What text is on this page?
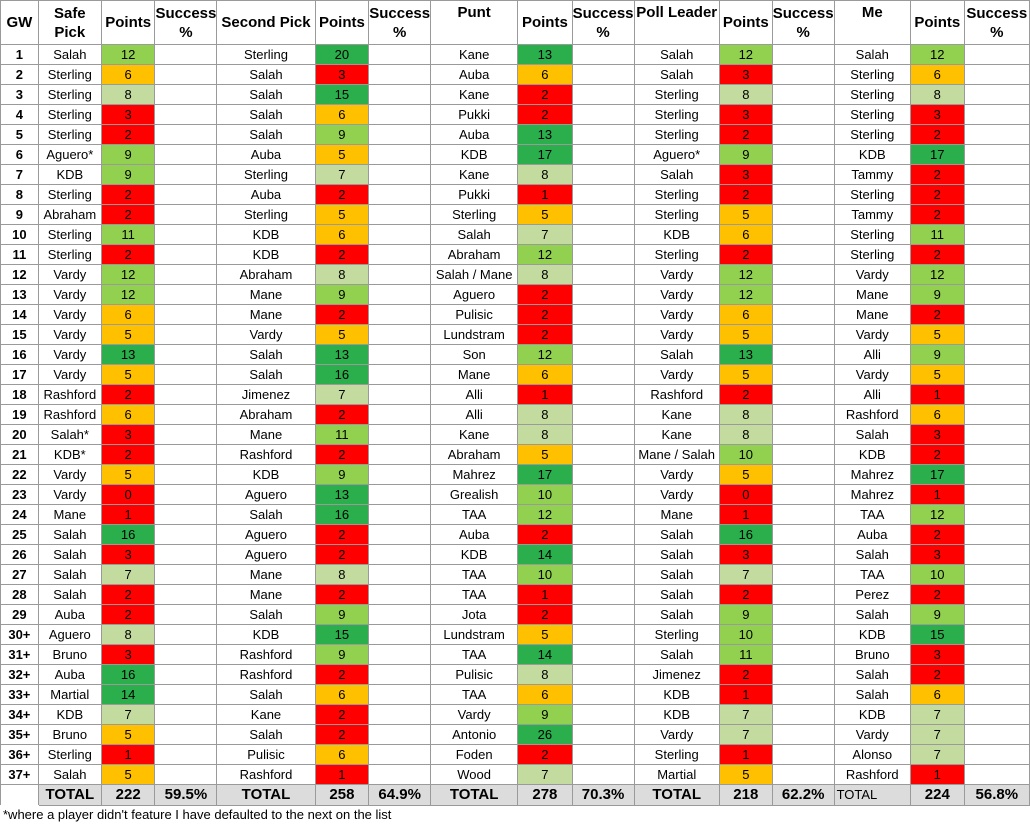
GW	Safe Pick	Points	Success %	Second Pick	Points	Success %	Punt	Points	Success %	Poll Leader	Points	Success %	Me	Points	Success %
1	Salah	12		Sterling	20		Kane	13		Salah	12		Salah	12	
2	Sterling	6		Salah	3		Auba	6		Salah	3		Sterling	6	
3	Sterling	8		Salah	15		Kane	2		Sterling	8		Sterling	8	
4	Sterling	3		Salah	6		Pukki	2		Sterling	3		Sterling	3	
5	Sterling	2		Salah	9		Auba	13		Sterling	2		Sterling	2	
6	Aguero*	9		Auba	5		KDB	17		Aguero*	9		KDB	17	
7	KDB	9		Sterling	7		Kane	8		Salah	3		Tammy	2	
8	Sterling	2		Auba	2		Pukki	1		Sterling	2		Sterling	2	
9	Abraham	2		Sterling	5		Sterling	5		Sterling	5		Tammy	2	
10	Sterling	11		KDB	6		Salah	7		KDB	6		Sterling	11	
11	Sterling	2		KDB	2		Abraham	12		Sterling	2		Sterling	2	
12	Vardy	12		Abraham	8		Salah / Mane	8		Vardy	12		Vardy	12	
13	Vardy	12		Mane	9		Aguero	2		Vardy	12		Mane	9	
14	Vardy	6		Mane	2		Pulisic	2		Vardy	6		Mane	2	
15	Vardy	5		Vardy	5		Lundstram	2		Vardy	5		Vardy	5	
16	Vardy	13		Salah	13		Son	12		Salah	13		Alli	9	
17	Vardy	5		Salah	16		Mane	6		Vardy	5		Vardy	5	
18	Rashford	2		Jimenez	7		Alli	1		Rashford	2		Alli	1	
19	Rashford	6		Abraham	2		Alli	8		Kane	8		Rashford	6	
20	Salah*	3		Mane	11		Kane	8		Kane	8		Salah	3	
21	KDB*	2		Rashford	2		Abraham	5		Mane / Salah	10		KDB	2	
22	Vardy	5		KDB	9		Mahrez	17		Vardy	5		Mahrez	17	
23	Vardy	0		Aguero	13		Grealish	10		Vardy	0		Mahrez	1	
24	Mane	1		Salah	16		TAA	12		Mane	1		TAA	12	
25	Salah	16		Aguero	2		Auba	2		Salah	16		Auba	2	
26	Salah	3		Aguero	2		KDB	14		Salah	3		Salah	3	
27	Salah	7		Mane	8		TAA	10		Salah	7		TAA	10	
28	Salah	2		Mane	2		TAA	1		Salah	2		Perez	2	
29	Auba	2		Salah	9		Jota	2		Salah	9		Salah	9	
30+	Aguero	8		KDB	15		Lundstram	5		Sterling	10		KDB	15	
31+	Bruno	3		Rashford	9		TAA	14		Salah	11		Bruno	3	
32+	Auba	16		Rashford	2		Pulisic	8		Jimenez	2		Salah	2	
33+	Martial	14		Salah	6		TAA	6		KDB	1		Salah	6	
34+	KDB	7		Kane	2		Vardy	9		KDB	7		KDB	7	
35+	Bruno	5		Salah	2		Antonio	26		Vardy	7		Vardy	7	
36+	Sterling	1		Pulisic	6		Foden	2		Sterling	1		Alonso	7	
37+	Salah	5		Rashford	1		Wood	7		Martial	5		Rashford	1	
	TOTAL	222	59.5%	TOTAL	258	64.9%	TOTAL	278	70.3%	TOTAL	218	62.2%	TOTAL	224	56.8%
*where a player didn't feature I have defaulted to the next on the list
